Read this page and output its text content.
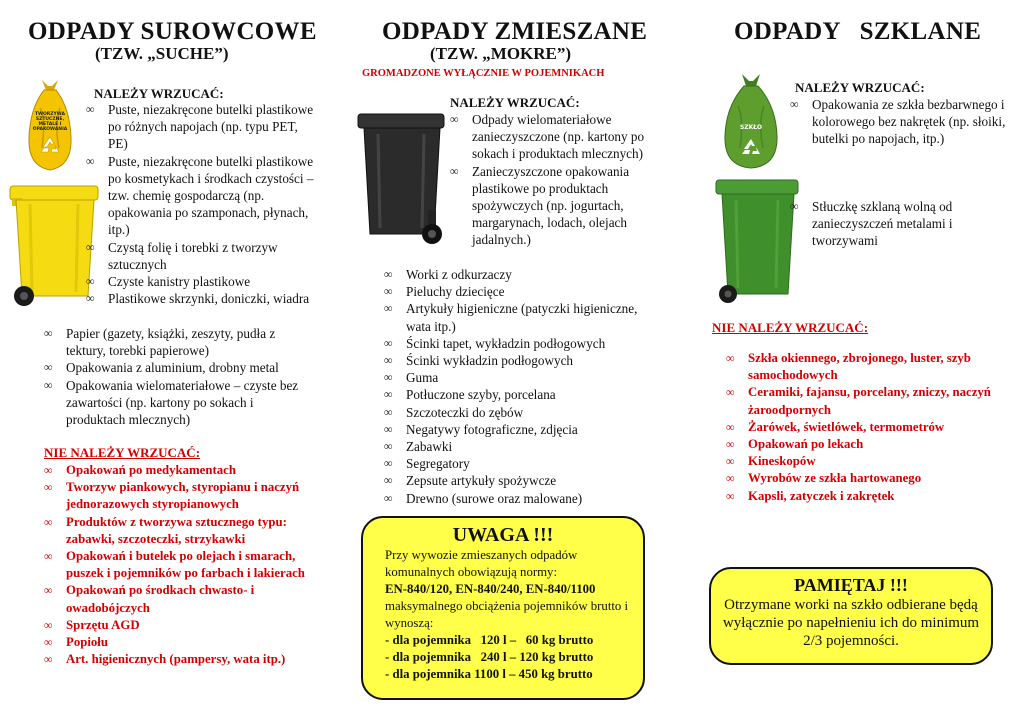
ODPADY SUROWCOWE
(TZW. „SUCHE”)
TWORZYWA SZTUCZNE, METALE I OPAKOWANIA
NALEŻY WRZUCAĆ:
∞ Puste, niezakręcone butelki plastikowe po różnych napojach (np. typu PET, PE)
∞ Puste, niezakręcone butelki plastikowe po kosmetykach i środkach czystości – tzw. chemię gospodarczą (np. opakowania po szamponach, płynach, itp.)
∞ Czystą folię i torebki z tworzyw sztucznych
∞ Czyste kanistry plastikowe
∞ Plastikowe skrzynki, doniczki, wiadra
∞ Papier (gazety, książki, zeszyty, pudła z tektury, torebki papierowe)
∞ Opakowania z aluminium, drobny metal
∞ Opakowania wielomateriałowe – czyste bez zawartości (np. kartony po sokach i produktach mlecznych)
NIE NALEŻY WRZUCAĆ:
∞ Opakowań po medykamentach
∞ Tworzyw piankowych, styropianu i naczyń jednorazowych styropianowych
∞ Produktów z tworzywa sztucznego typu: zabawki, szczoteczki, strzykawki
∞ Opakowań i butelek po olejach i smarach, puszek i pojemników po farbach i lakierach
∞ Opakowań po środkach chwasto- i owadobójczych
∞ Sprzętu AGD
∞ Popiołu
∞ Art. higienicznych (pampersy, wata itp.)
ODPADY ZMIESZANE
(TZW. „MOKRE”)
GROMADZONE WYŁĄCZNIE W POJEMNIKACH
NALEŻY WRZUCAĆ:
∞ Odpady wielomateriałowe zanieczyszczone (np. kartony po sokach i produktach mlecznych)
∞ Zanieczyszczone opakowania plastikowe po produktach spożywczych (np. jogurtach, margarynach, lodach, olejach jadalnych.)
∞ Worki z odkurzaczy
∞ Pieluchy dziecięce
∞ Artykuły higieniczne (patyczki higieniczne, wata itp.)
∞ Ścinki tapet, wykładzin podłogowych
∞ Ścinki wykładzin podłogowych
∞ Guma
∞ Potłuczone szyby, porcelana
∞ Szczoteczki do zębów
∞ Negatywy fotograficzne, zdjęcia
∞ Zabawki
∞ Segregatory
∞ Zepsute artykuły spożywcze
∞ Drewno (surowe oraz malowane)
UWAGA !!!
Przy wywozie zmieszanych odpadów komunalnych obowiązują normy:
EN-840/120, EN-840/240, EN-840/1100
maksymalnego obciążenia pojemników brutto i wynoszą:
- dla pojemnika   120 l –   60 kg brutto
- dla pojemnika   240 l – 120 kg brutto
- dla pojemnika 1100 l – 450 kg brutto
ODPADY   SZKLANE
SZKŁO
NALEŻY WRZUCAĆ:
∞ Opakowania ze szkła bezbarwnego i kolorowego bez nakrętek (np. słoiki, butelki po napojach, itp.)
∞ Stłuczkę szklaną wolną od zanieczyszczeń metalami i tworzywami
NIE NALEŻY WRZUCAĆ:
∞ Szkła okiennego, zbrojonego, luster, szyb samochodowych
∞ Ceramiki, fajansu, porcelany, zniczy, naczyń żaroodpornych
∞ Żarówek, świetlówek, termometrów
∞ Opakowań po lekach
∞ Kineskopów
∞ Wyrobów ze szkła hartowanego
∞ Kapsli, zatyczek i zakrętek
PAMIĘTAJ !!!
Otrzymane worki na szkło odbierane będą wyłącznie po napełnieniu ich do minimum 2/3 pojemności.
